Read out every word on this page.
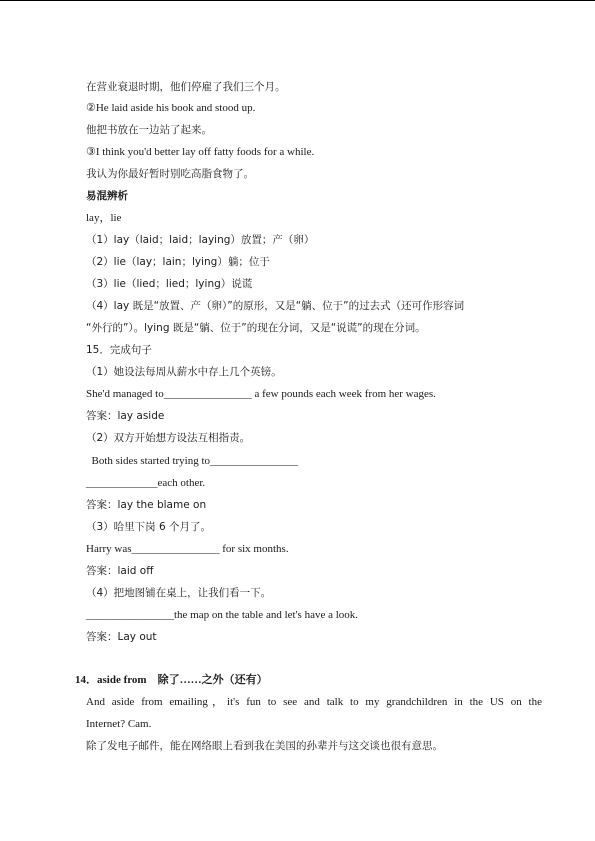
在营业衰退时期，他们停雇了我们三个月。
②He laid aside his book and stood up.
他把书放在一边站了起来。
③I think you'd better lay off fatty foods for a while.
我认为你最好暂时别吃高脂食物了。
易混辨析
lay，lie
（1）lay（laid；laid；laying）放置；产（卵）
（2）lie（lay；lain；lying）躺；位于
（3）lie（lied；lied；lying）说谎
（4）lay 既是“放置、产（卵）”的原形，又是“躺、位于”的过去式（还可作形容词
“外行的”）。lying 既是“躺、位于”的现在分词，又是“说谎”的现在分词。
15．完成句子
（1）她设法每周从薪水中存上几个英镑。
She'd managed to________________ a few pounds each week from her wages.
答案：lay aside
（2）双方开始想方设法互相指责。
Both sides started trying to________________
_____________each other.
答案：lay the blame on
（3）哈里下岗 6 个月了。
Harry was________________ for six months.
答案：laid off
（4）把地图铺在桌上，让我们看一下。
________________the map on the table and let's have a look.
答案：Lay out
14．aside from　除了……之外（还有）
And aside from emailing，it's fun to see and talk to my grandchildren in the US on the
Internet? Cam.
除了发电子邮件，能在网络眼上看到我在美国的孙辈并与这交谈也很有意思。
